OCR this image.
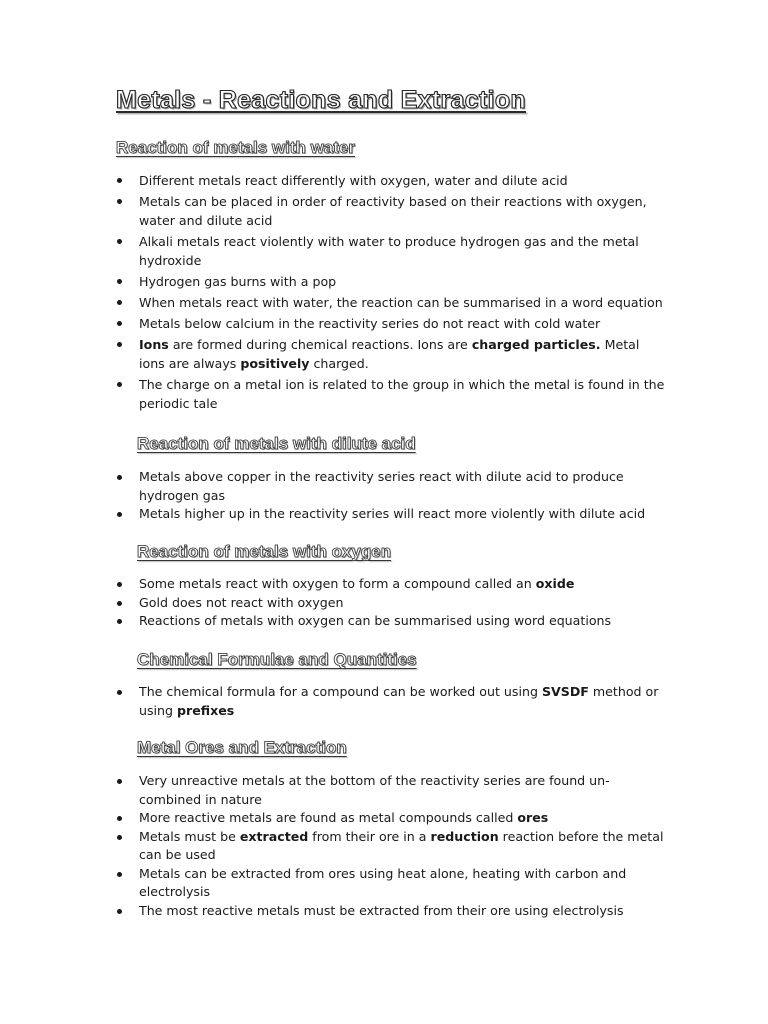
Metals - Reactions and Extraction
Reaction of metals with water
Different metals react differently with oxygen, water and dilute acid
Metals can be placed in order of reactivity based on their reactions with oxygen, water and dilute acid
Alkali metals react violently with water to produce hydrogen gas and the metal hydroxide
Hydrogen gas burns with a pop
When metals react with water, the reaction can be summarised in a word equation
Metals below calcium in the reactivity series do not react with cold water
Ions are formed during chemical reactions. Ions are charged particles. Metal ions are always positively charged.
The charge on a metal ion is related to the group in which the metal is found in the periodic tale
Reaction of metals with dilute acid
Metals above copper in the reactivity series react with dilute acid to produce hydrogen gas
Metals higher up in the reactivity series will react more violently with dilute acid
Reaction of metals with oxygen
Some metals react with oxygen to form a compound called an oxide
Gold does not react with oxygen
Reactions of metals with oxygen can be summarised using word equations
Chemical Formulae and Quantities
The chemical formula for a compound can be worked out using SVSDF method or using prefixes
Metal Ores and Extraction
Very unreactive metals at the bottom of the reactivity series are found un-combined in nature
More reactive metals are found as metal compounds called ores
Metals must be extracted from their ore in a reduction reaction before the metal can be used
Metals can be extracted from ores using heat alone, heating with carbon and electrolysis
The most reactive metals must be extracted from their ore using electrolysis
